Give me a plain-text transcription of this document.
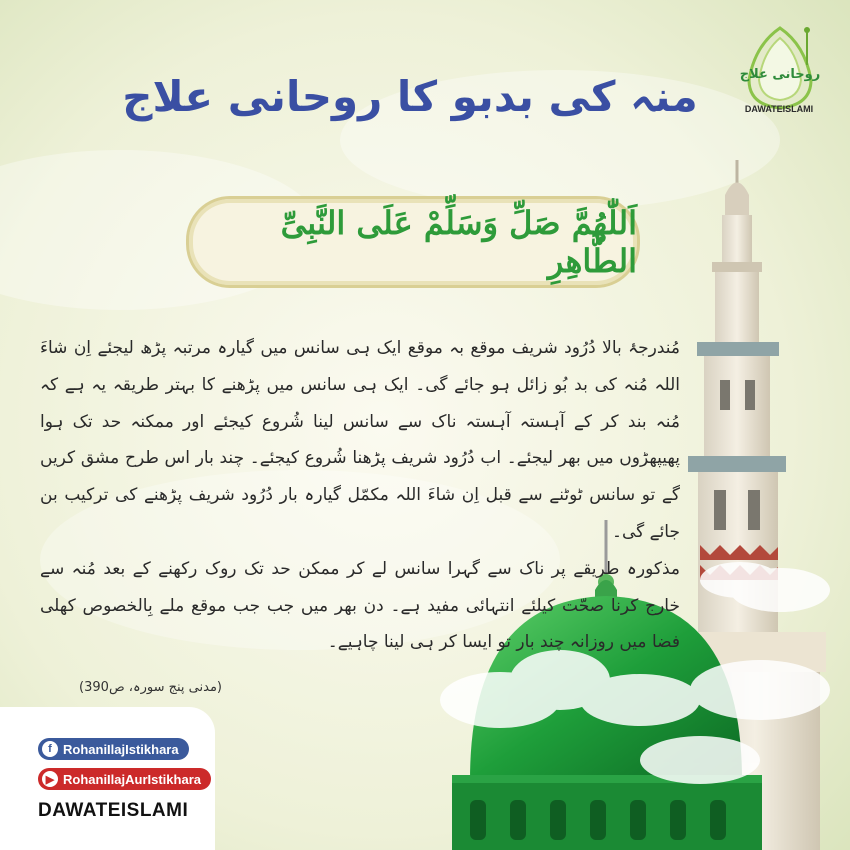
روحانی علاج
DAWATEISLAMI
منہ کی بدبو کا روحانی علاج
اَللّٰھُمَّ صَلِّ وَسَلِّمْ عَلَی النَّبِیِّ الطَّاھِرِ

مُندرجۂ بالا دُرُود شریف موقع بہ موقع ایک ہی سانس میں گیارہ مرتبہ پڑھ لیجئے اِن شاءَ اللہ مُنہ کی بد بُو زائل ہو جائے گی۔ ایک ہی سانس میں پڑھنے کا بہتر طریقہ یہ ہے کہ مُنہ بند کر کے آہستہ آہستہ ناک سے سانس لینا شُروع کیجئے اور ممکنہ حد تک ہوا پھیپھڑوں میں بھر لیجئے۔ اب دُرُود شریف پڑھنا شُروع کیجئے۔ چند بار اس طرح مشق کریں گے تو سانس ٹوٹنے سے قبل اِن شاءَ اللہ مکمّل گیارہ بار دُرُود شریف پڑھنے کی ترکیب بن جائے گی۔

مذکورہ طریقے پر ناک سے گہرا سانس لے کر ممکن حد تک روک رکھنے کے بعد مُنہ سے خارج کرنا صحّت کیلئے انتہائی مفید ہے۔ دن بھر میں جب جب موقع ملے بِالخصوص کھلی فضا میں روزانہ چند بار تو ایسا کر ہی لینا چاہیے۔

(مدنی پنج سورہ، ص390)
f RohaniIlajIstikhara
▶ RohaniIlajAurIstikhara
DAWATEISLAMI
